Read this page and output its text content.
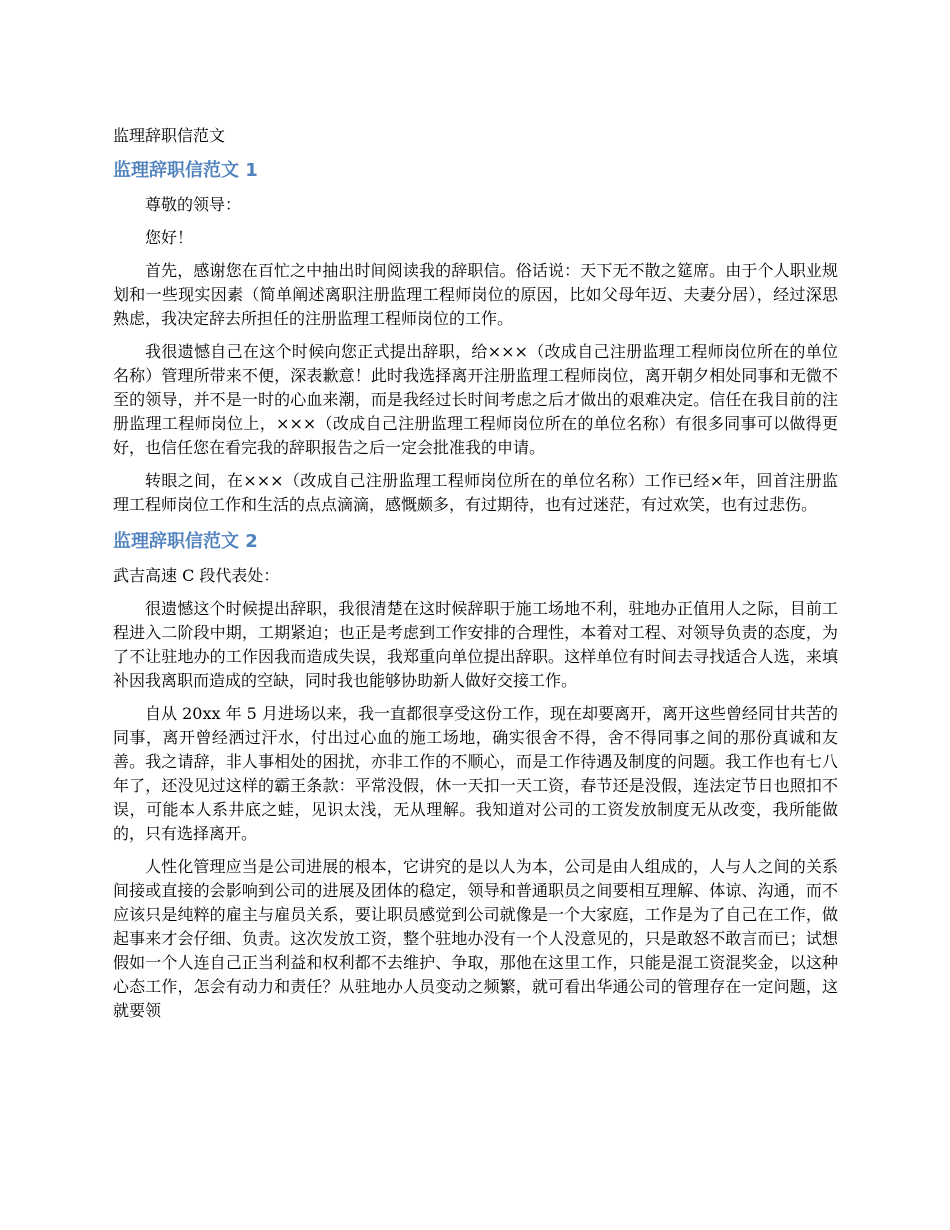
监理辞职信范文
监理辞职信范文 1

尊敬的领导：

您好！

首先，感谢您在百忙之中抽出时间阅读我的辞职信。俗话说：天下无不散之筵席。由于个人职业规划和一些现实因素（简单阐述离职注册监理工程师岗位的原因，比如父母年迈、夫妻分居），经过深思熟虑，我决定辞去所担任的注册监理工程师岗位的工作。

我很遗憾自己在这个时候向您正式提出辞职，给×××（改成自己注册监理工程师岗位所在的单位名称）管理所带来不便，深表歉意！此时我选择离开注册监理工程师岗位，离开朝夕相处同事和无微不至的领导，并不是一时的心血来潮，而是我经过长时间考虑之后才做出的艰难决定。信任在我目前的注册监理工程师岗位上，×××（改成自己注册监理工程师岗位所在的单位名称）有很多同事可以做得更好，也信任您在看完我的辞职报告之后一定会批准我的申请。

转眼之间，在×××（改成自己注册监理工程师岗位所在的单位名称）工作已经×年，回首注册监理工程师岗位工作和生活的点点滴滴，感慨颇多，有过期待，也有过迷茫，有过欢笑，也有过悲伤。

监理辞职信范文 2

武吉高速 C 段代表处：

很遗憾这个时候提出辞职，我很清楚在这时候辞职于施工场地不利，驻地办正值用人之际，目前工程进入二阶段中期，工期紧迫；也正是考虑到工作安排的合理性，本着对工程、对领导负责的态度，为了不让驻地办的工作因我而造成失误，我郑重向单位提出辞职。这样单位有时间去寻找适合人选，来填补因我离职而造成的空缺，同时我也能够协助新人做好交接工作。

自从 20xx 年 5 月进场以来，我一直都很享受这份工作，现在却要离开，离开这些曾经同甘共苦的同事，离开曾经洒过汗水，付出过心血的施工场地，确实很舍不得，舍不得同事之间的那份真诚和友善。我之请辞，非人事相处的困扰，亦非工作的不顺心，而是工作待遇及制度的问题。我工作也有七八年了，还没见过这样的霸王条款：平常没假，休一天扣一天工资，春节还是没假，连法定节日也照扣不误，可能本人系井底之蛙，见识太浅，无从理解。我知道对公司的工资发放制度无从改变，我所能做的，只有选择离开。

人性化管理应当是公司进展的根本，它讲究的是以人为本，公司是由人组成的，人与人之间的关系间接或直接的会影响到公司的进展及团体的稳定，领导和普通职员之间要相互理解、体谅、沟通，而不应该只是纯粹的雇主与雇员关系，要让职员感觉到公司就像是一个大家庭，工作是为了自己在工作，做起事来才会仔细、负责。这次发放工资，整个驻地办没有一个人没意见的，只是敢怒不敢言而已；试想假如一个人连自己正当利益和权利都不去维护、争取，那他在这里工作，只能是混工资混奖金，以这种心态工作，怎会有动力和责任？从驻地办人员变动之频繁，就可看出华通公司的管理存在一定问题，这就要领
